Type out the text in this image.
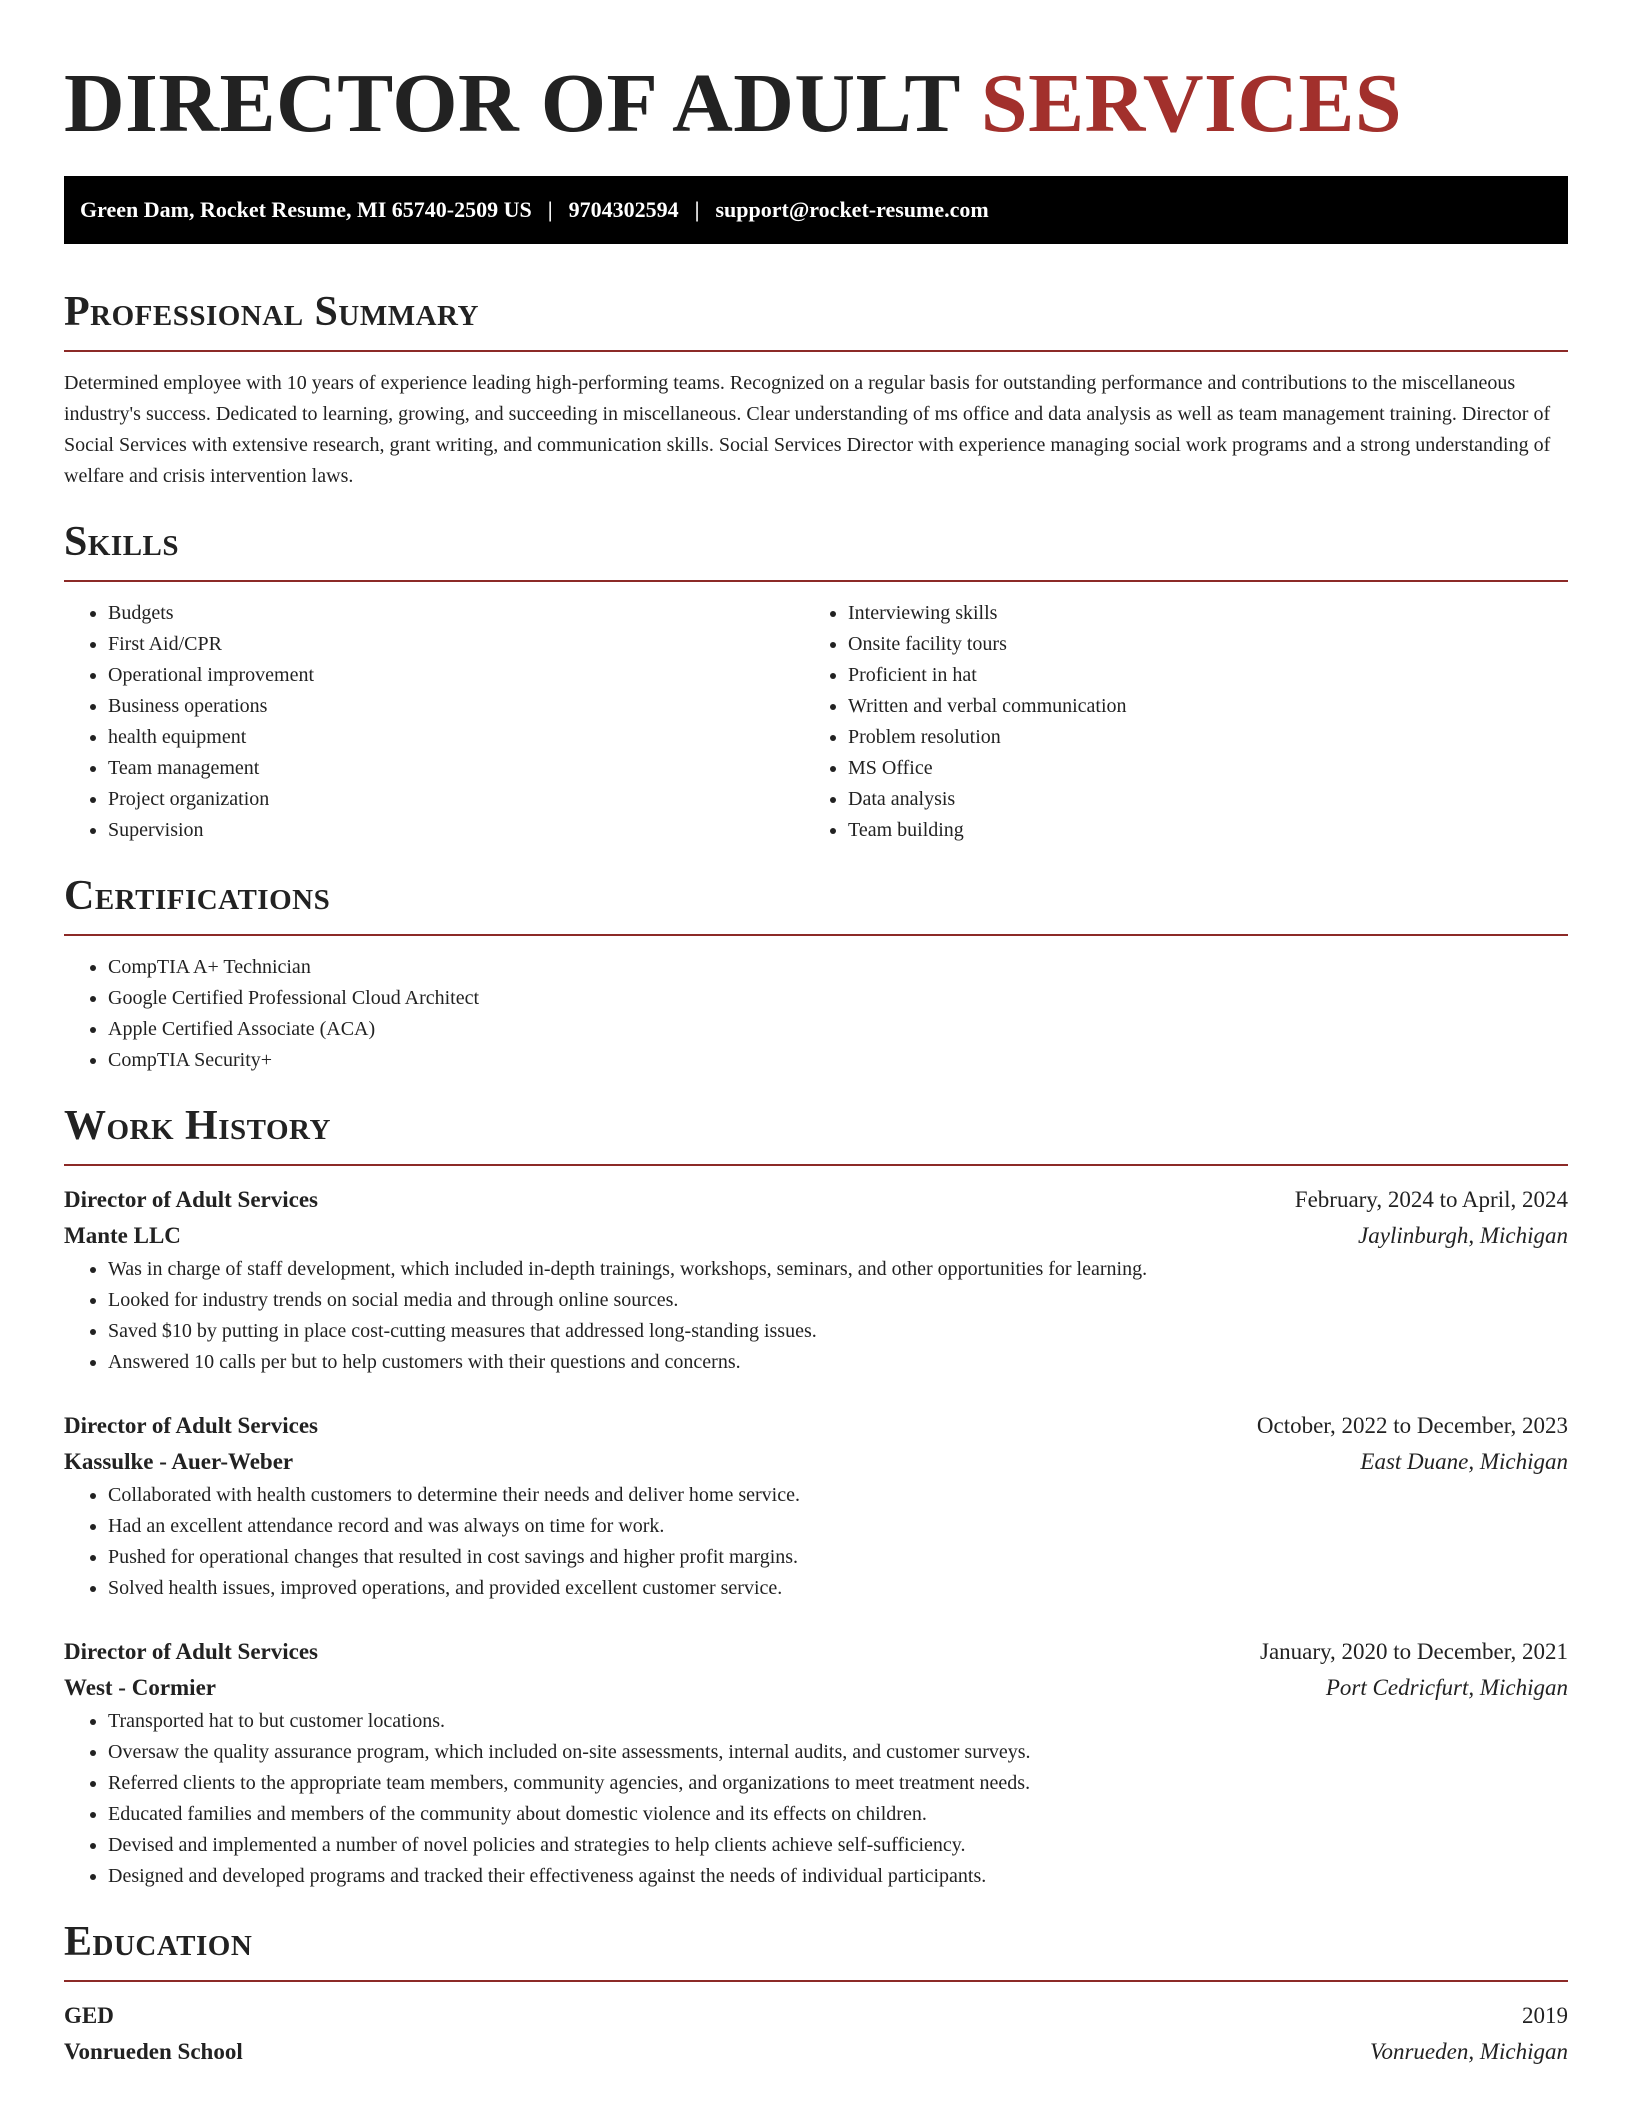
DIRECTOR OF ADULT SERVICES
Green Dam, Rocket Resume, MI 65740-2509 US | 9704302594 | support@rocket-resume.com
Professional Summary

Determined employee with 10 years of experience leading high-performing teams. Recognized on a regular basis for outstanding performance and contributions to the miscellaneous industry's success. Dedicated to learning, growing, and succeeding in miscellaneous. Clear understanding of ms office and data analysis as well as team management training. Director of Social Services with extensive research, grant writing, and communication skills. Social Services Director with experience managing social work programs and a strong understanding of welfare and crisis intervention laws.

Skills
• Budgets
• First Aid/CPR
• Operational improvement
• Business operations
• health equipment
• Team management
• Project organization
• Supervision
• Interviewing skills
• Onsite facility tours
• Proficient in hat
• Written and verbal communication
• Problem resolution
• MS Office
• Data analysis
• Team building
Certifications
• CompTIA A+ Technician
• Google Certified Professional Cloud Architect
• Apple Certified Associate (ACA)
• CompTIA Security+
Work History
Director of Adult Services	February, 2024 to April, 2024
Mante LLC	Jaylinburgh, Michigan
• Was in charge of staff development, which included in-depth trainings, workshops, seminars, and other opportunities for learning.
• Looked for industry trends on social media and through online sources.
• Saved $10 by putting in place cost-cutting measures that addressed long-standing issues.
• Answered 10 calls per but to help customers with their questions and concerns.
Director of Adult Services	October, 2022 to December, 2023
Kassulke - Auer-Weber	East Duane, Michigan
• Collaborated with health customers to determine their needs and deliver home service.
• Had an excellent attendance record and was always on time for work.
• Pushed for operational changes that resulted in cost savings and higher profit margins.
• Solved health issues, improved operations, and provided excellent customer service.
Director of Adult Services	January, 2020 to December, 2021
West - Cormier	Port Cedricfurt, Michigan
• Transported hat to but customer locations.
• Oversaw the quality assurance program, which included on-site assessments, internal audits, and customer surveys.
• Referred clients to the appropriate team members, community agencies, and organizations to meet treatment needs.
• Educated families and members of the community about domestic violence and its effects on children.
• Devised and implemented a number of novel policies and strategies to help clients achieve self-sufficiency.
• Designed and developed programs and tracked their effectiveness against the needs of individual participants.
Education
GED	2019
Vonrueden School	Vonrueden, Michigan
